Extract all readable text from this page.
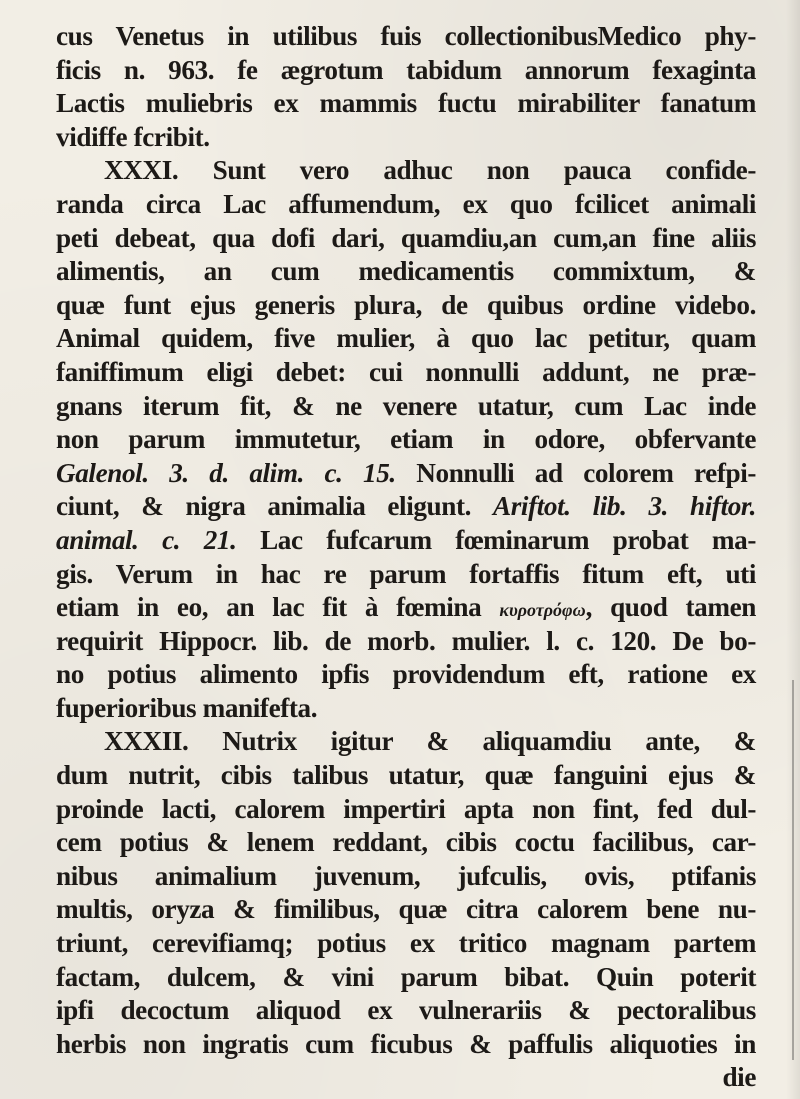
cus Venetus in utilibus fuis collectionibusMedico phy-
ficis n. 963. fe ægrotum tabidum annorum fexaginta
Lactis muliebris ex mammis fuctu mirabiliter fanatum
vidiffe fcribit.
XXXI. Sunt vero adhuc non pauca confide-
randa circa Lac affumendum, ex quo fcilicet animali
peti debeat, qua dofi dari, quamdiu,an cum,an fine aliis
alimentis, an cum medicamentis commixtum, &
quæ funt ejus generis plura, de quibus ordine videbo.
Animal quidem, five mulier, à quo lac petitur, quam
faniffimum eligi debet: cui nonnulli addunt, ne præ-
gnans iterum fit, & ne venere utatur, cum Lac inde
non parum immutetur, etiam in odore, obfervante
Galenol. 3. d. alim. c. 15. Nonnulli ad colorem refpi-
ciunt, & nigra animalia eligunt. Ariftot. lib. 3. hiftor.
animal. c. 21. Lac fufcarum fœminarum probat ma-
gis. Verum in hac re parum fortaffis fitum eft, uti
etiam in eo, an lac fit à fœmina κυροτρόφω, quod tamen
requirit Hippocr. lib. de morb. mulier. l. c. 120. De bo-
no potius alimento ipfis providendum eft, ratione ex
fuperioribus manifefta.
XXXII. Nutrix igitur & aliquamdiu ante, &
dum nutrit, cibis talibus utatur, quæ fanguini ejus &
proinde lacti, calorem impertiri apta non fint, fed dul-
cem potius & lenem reddant, cibis coctu facilibus, car-
nibus animalium juvenum, jufculis, ovis, ptifanis
multis, oryza & fimilibus, quæ citra calorem bene nu-
triunt, cerevifiamq; potius ex tritico magnam partem
factam, dulcem, & vini parum bibat. Quin poterit
ipfi decoctum aliquod ex vulnerariis & pectoralibus
herbis non ingratis cum ficubus & paffulis aliquoties in
die
